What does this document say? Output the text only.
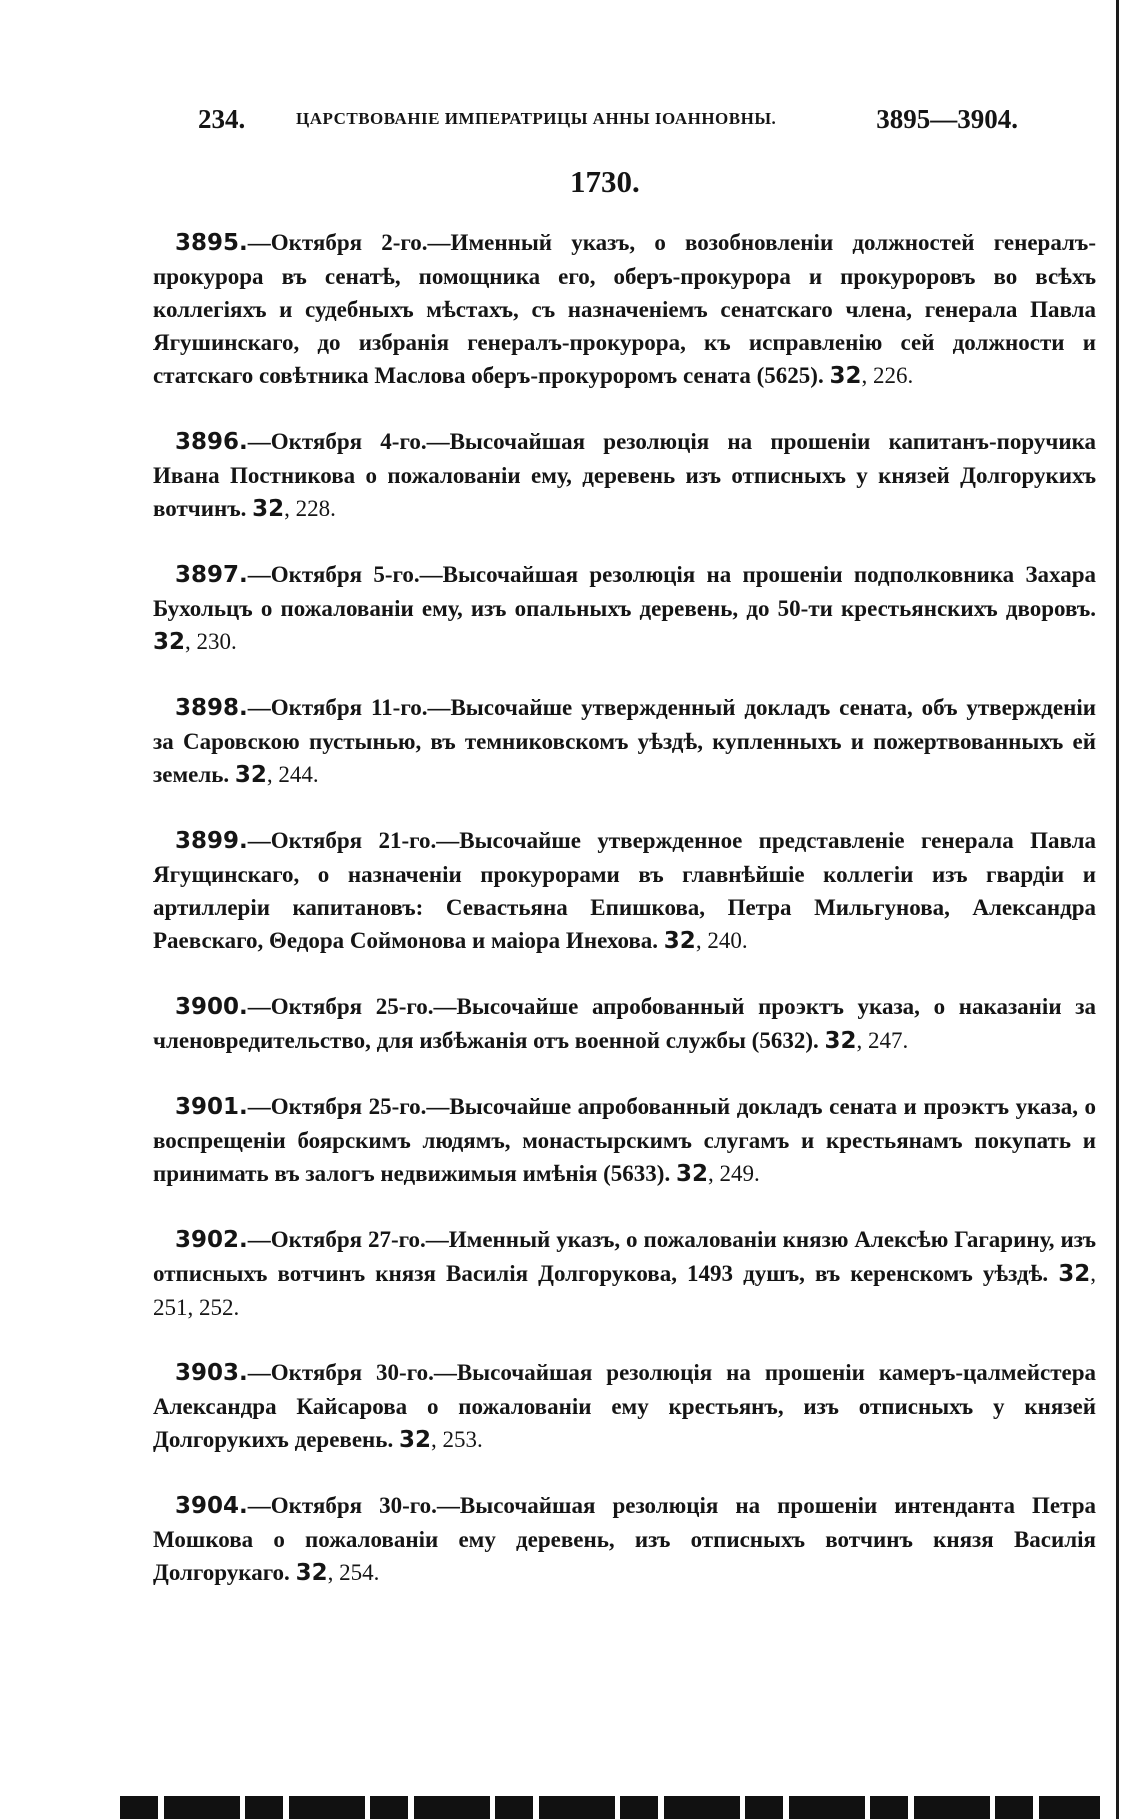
234.	ЦАРСТВОВАНІЕ ИМПЕРАТРИЦЫ АННЫ ІОАННОВНЫ.	3895—3904.
1730.

3895.—Октября 2-го.—Именный указъ, о возобновленіи должностей генералъ-прокурора въ сенатѣ, помощника его, оберъ-прокурора и прокуроровъ во всѣхъ коллегіяхъ и судебныхъ мѣстахъ, съ назначеніемъ сенатскаго члена, генерала Павла Ягушинскаго, до избранія генералъ-прокурора, къ исправленію сей должности и статскаго совѣтника Маслова оберъ-прокуроромъ сената (5625). 32, 226.

3896.—Октября 4-го.—Высочайшая резолюція на прошеніи капитанъ-поручика Ивана Постникова о пожалованіи ему, деревень изъ отписныхъ у князей Долгорукихъ вотчинъ. 32, 228.

3897.—Октября 5-го.—Высочайшая резолюція на прошеніи подполковника Захара Бухольцъ о пожалованіи ему, изъ опальныхъ деревень, до 50-ти крестьянскихъ дворовъ. 32, 230.

3898.—Октября 11-го.—Высочайше утвержденный докладъ сената, объ утвержденіи за Саровскою пустынью, въ темниковскомъ уѣздѣ, купленныхъ и пожертвованныхъ ей земель. 32, 244.

3899.—Октября 21-го.—Высочайше утвержденное представленіе генерала Павла Ягущинскаго, о назначеніи прокурорами въ главнѣйшіе коллегіи изъ гвардіи и артиллеріи капитановъ: Севастьяна Епишкова, Петра Мильгунова, Александра Раевскаго, Θедора Соймонова и маіора Инехова. 32, 240.

3900.—Октября 25-го.—Высочайше апробованный проэктъ указа, о наказаніи за членовредительство, для избѣжанія отъ военной службы (5632). 32, 247.

3901.—Октября 25-го.—Высочайше апробованный докладъ сената и проэктъ указа, о воспрещеніи боярскимъ людямъ, монастырскимъ слугамъ и крестьянамъ покупать и принимать въ залогъ недвижимыя имѣнія (5633). 32, 249.

3902.—Октября 27-го.—Именный указъ, о пожалованіи князю Алексѣю Гагарину, изъ отписныхъ вотчинъ князя Василія Долгорукова, 1493 душъ, въ керенскомъ уѣздѣ. 32, 251, 252.

3903.—Октября 30-го.—Высочайшая резолюція на прошеніи камеръ-цалмейстера Александра Кайсарова о пожалованіи ему крестьянъ, изъ отписныхъ у князей Долгорукихъ деревень. 32, 253.

3904.—Октября 30-го.—Высочайшая резолюція на прошеніи интенданта Петра Мошкова о пожалованіи ему деревень, изъ отписныхъ вотчинъ князя Василія Долгорукаго. 32, 254.
